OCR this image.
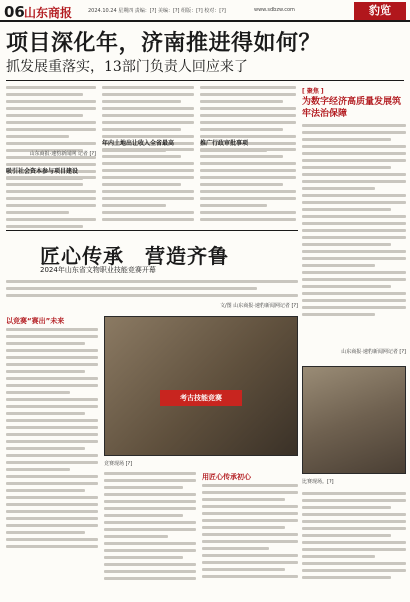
06 山东商报	2024.10.24 星期四 责编：[?] 美编：[?] 组版：[?] 校对：[?]	www.sdbzw.com	豹览
项目深化年，济南推进得如何？
抓发展重落实，13部门负责人回应来了
山东商报·速豹新闻网 记者 [?]
吸引社会资本参与项目建设
年内土地出让收入全省最高	推广行政审批事项
[ 聚焦 ]
为数字经济高质量发展筑牢法治保障
山东商报·速豹新闻网记者 [?]
匠心传承　营造齐鲁
2024年山东省文物职业技能竞赛开幕
文/图 山东商报·速豹新闻网记者 [?]
以竞赛“赛出”未来
考古技能竞赛
竞赛现场 [?]
用匠心传承初心
比赛现场。[?]
